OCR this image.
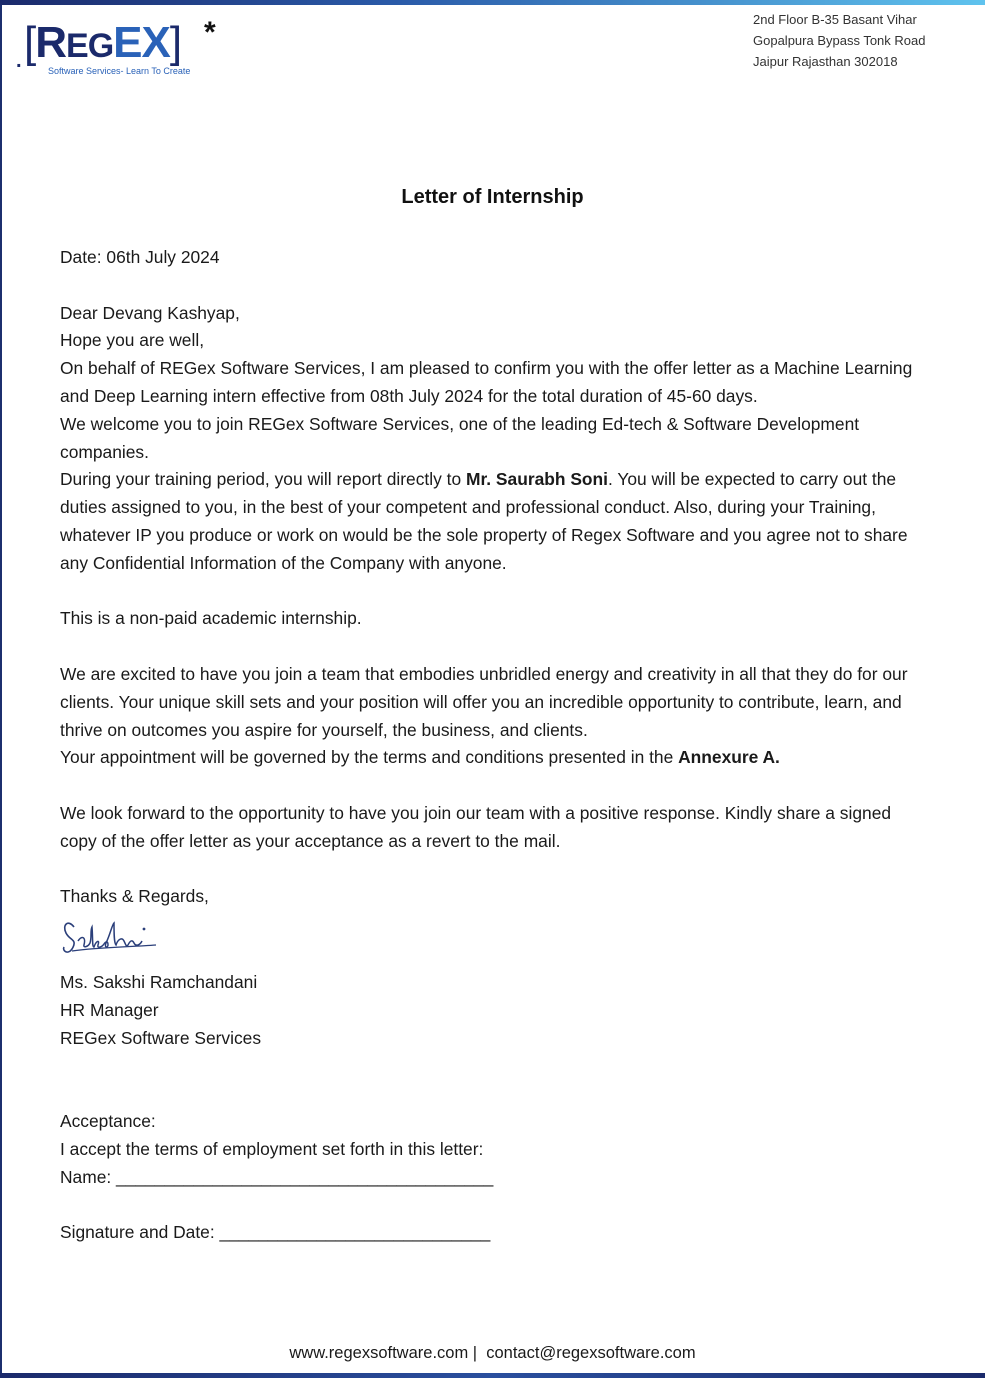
. [REGEX] *
Software Services- Learn To Create
2nd Floor B-35 Basant Vihar
Gopalpura Bypass Tonk Road
Jaipur Rajasthan 302018
Letter of Internship

Date: 06th July 2024

Dear Devang Kashyap,

Hope you are well,

On behalf of REGex Software Services, I am pleased to confirm you with the offer letter as a Machine Learning and Deep Learning intern effective from 08th July 2024 for the total duration of 45-60 days.

We welcome you to join REGex Software Services, one of the leading Ed-tech & Software Development companies.

During your training period, you will report directly to Mr. Saurabh Soni. You will be expected to carry out the duties assigned to you, in the best of your competent and professional conduct. Also, during your Training, whatever IP you produce or work on would be the sole property of Regex Software and you agree not to share any Confidential Information of the Company with anyone.

This is a non-paid academic internship.

We are excited to have you join a team that embodies unbridled energy and creativity in all that they do for our clients. Your unique skill sets and your position will offer you an incredible opportunity to contribute, learn, and thrive on outcomes you aspire for yourself, the business, and clients.

Your appointment will be governed by the terms and conditions presented in the Annexure A.

We look forward to the opportunity to have you join our team with a positive response. Kindly share a signed copy of the offer letter as your acceptance as a revert to the mail.

Thanks & Regards,

Ms. Sakshi Ramchandani

HR Manager

REGex Software Services

Acceptance:

I accept the terms of employment set forth in this letter:

Name: _______________________________________

Signature and Date: ____________________________

www.regexsoftware.com |  contact@regexsoftware.com
